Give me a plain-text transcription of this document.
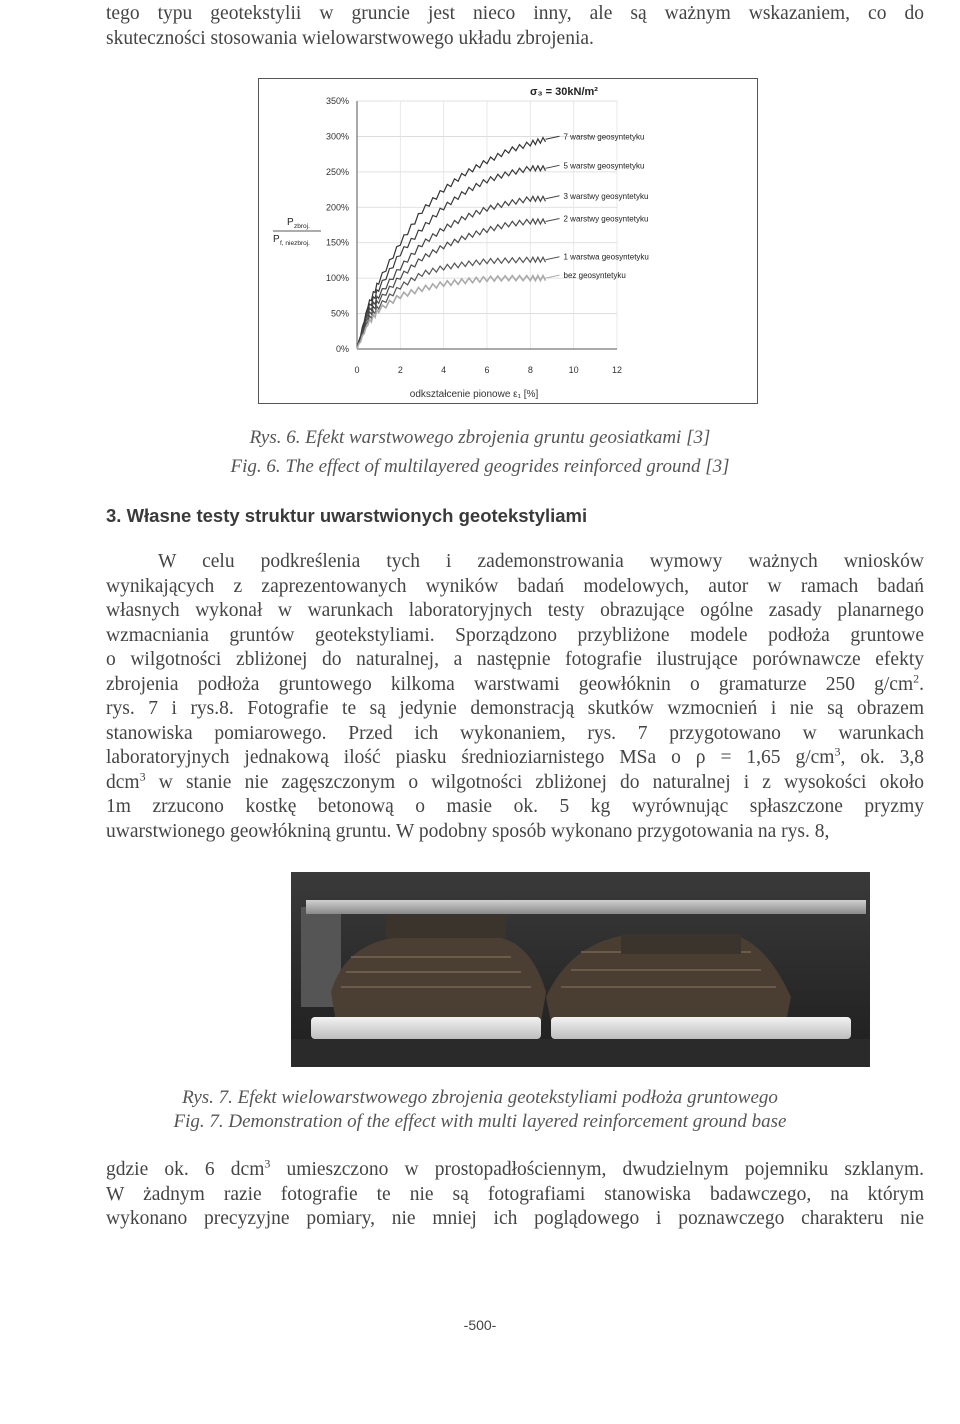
tego typu geotekstylii w gruncie jest nieco inny, ale są ważnym wskazaniem, co do
skuteczności stosowania wielowarstwowego układu zbrojenia.
0%
50%
100%
150%
200%
250%
300%
350%
0	2	4	6	8	10	12
7 warstw geosyntetyku
5 warstw geosyntetyku
3 warstwy geosyntetyku
2 warstwy geosyntetyku
1 warstwa geosyntetyku
bez geosyntetyku
σ₃ = 30kN/m²
odkształcenie pionowe ε₁ [%]
P zbroj.
P f, niezbroj.

Rys. 6. Efekt warstwowego zbrojenia gruntu geosiatkami [3]

Fig. 6. The effect of multilayered geogrides reinforced ground [3]

3. Własne testy struktur uwarstwionych geotekstyliami
W celu podkreślenia tych i zademonstrowania wymowy ważnych wniosków
wynikających z zaprezentowanych wyników badań modelowych, autor w ramach badań
własnych wykonał w warunkach laboratoryjnych testy obrazujące ogólne zasady planarnego
wzmacniania gruntów geotekstyliami. Sporządzono przybliżone modele podłoża gruntowe
o wilgotności zbliżonej do naturalnej, a następnie fotografie ilustrujące porównawcze efekty
zbrojenia podłoża gruntowego kilkoma warstwami geowłóknin o gramaturze 250 $g/cm^2$.
rys. 7 i rys.8. Fotografie te są jedynie demonstracją skutków wzmocnień i nie są obrazem
stanowiska pomiarowego. Przed ich wykonaniem, rys. 7 przygotowano w warunkach
laboratoryjnych jednakową ilość piasku średnioziarnistego MSa o ρ = 1,65 $g/cm^3$, ok. 3,8
dcm$^3$ w stanie nie zagęszczonym o wilgotności zbliżonej do naturalnej i z wysokości około
1m zrzucono kostkę betonową o masie ok. 5 kg wyrównując spłaszczone pryzmy
uwarstwionego geowłókniną gruntu. W podobny sposób wykonano przygotowania na rys. 8,

Rys. 7. Efekt wielowarstwowego zbrojenia geotekstyliami podłoża gruntowego

Fig. 7. Demonstration of the effect with multi layered reinforcement ground base

gdzie ok. 6 dcm$^3$ umieszczono w prostopadłościennym, dwudzielnym pojemniku szklanym.
W żadnym razie fotografie te nie są fotografiami stanowiska badawczego, na którym
wykonano precyzyjne pomiary, nie mniej ich poglądowego i poznawczego charakteru nie
-500-
